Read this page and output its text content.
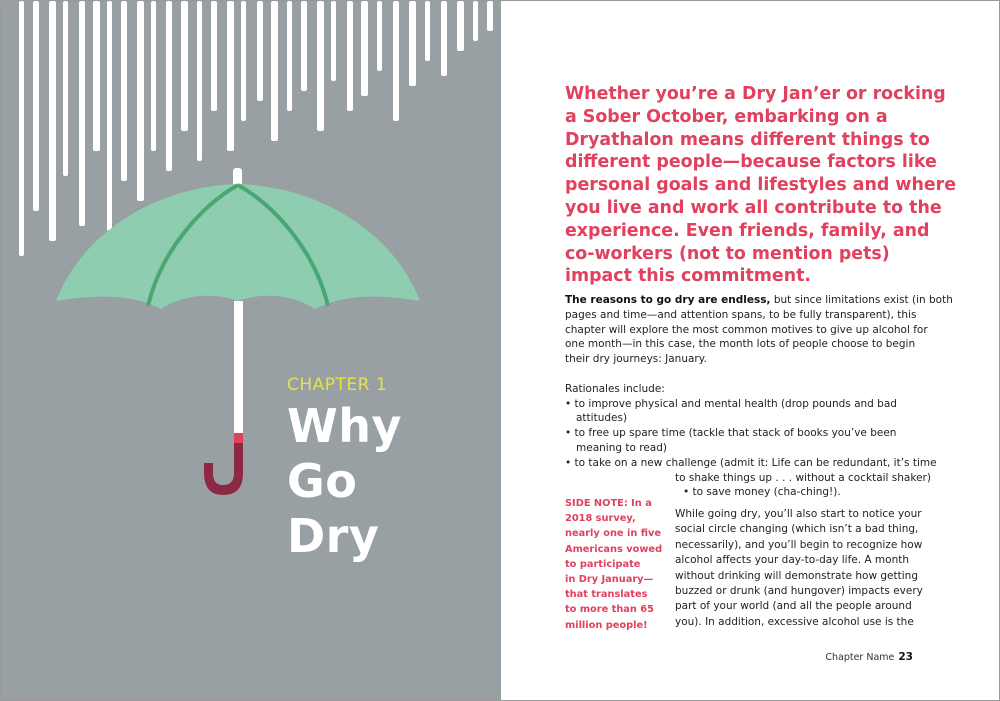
CHAPTER 1
Why
Go
Dry
Whether you’re a Dry Jan’er or rocking
a Sober October, embarking on a
Dryathalon means different things to
different people—because factors like
personal goals and lifestyles and where
you live and work all contribute to the
experience. Even friends, family, and
co-workers (not to mention pets)
impact this commitment.
The reasons to go dry are endless, but since limitations exist (in both
pages and time—and attention spans, to be fully transparent), this
chapter will explore the most common motives to give up alcohol for
one month—in this case, the month lots of people choose to begin
their dry journeys: January.
Rationales include:
• to improve physical and mental health (drop pounds and bad
attitudes)
• to free up spare time (tackle that stack of books you’ve been
meaning to read)
• to take on a new challenge (admit it: Life can be redundant, it’s time
to shake things up . . . without a cocktail shaker)
• to save money (cha-ching!).
SIDE NOTE: In a
2018 survey,
nearly one in five
Americans vowed
to participate
in Dry January—
that translates
to more than 65
million people!
While going dry, you’ll also start to notice your
social circle changing (which isn’t a bad thing,
necessarily), and you’ll begin to recognize how
alcohol affects your day-to-day life. A month
without drinking will demonstrate how getting
buzzed or drunk (and hungover) impacts every
part of your world (and all the people around
you). In addition, excessive alcohol use is the
Chapter Name 23
